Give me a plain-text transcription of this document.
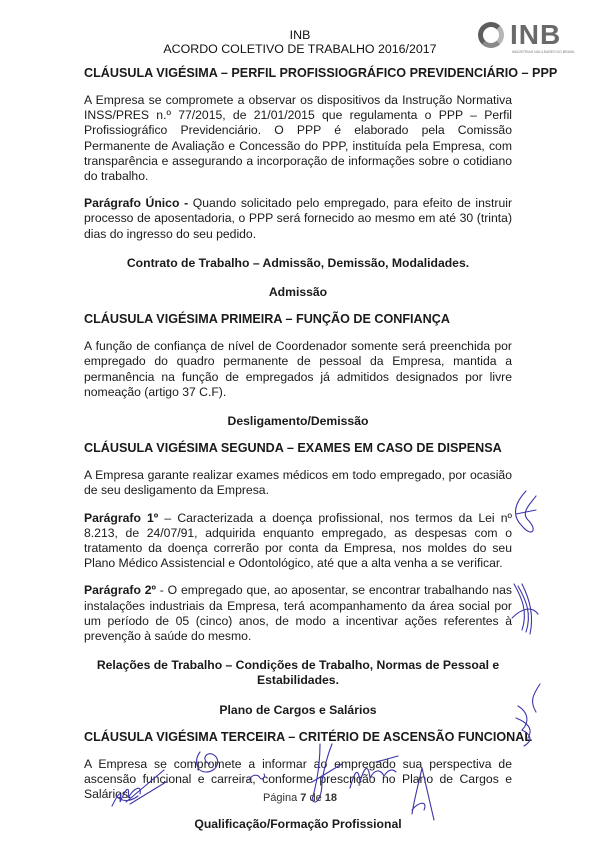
INB
ACORDO COLETIVO DE TRABALHO 2016/2017	INB
INDÚSTRIAS NUCLEARES DO BRASIL

CLÁUSULA VIGÉSIMA – PERFIL PROFISSIOGRÁFICO PREVIDENCIÁRIO – PPP

A Empresa se compromete a observar os dispositivos da Instrução Normativa INSS/PRES n.º 77/2015, de 21/01/2015 que regulamenta o PPP – Perfil Profissiográfico Previdenciário. O PPP é elaborado pela Comissão Permanente de Avaliação e Concessão do PPP, instituída pela Empresa, com transparência e assegurando a incorporação de informações sobre o cotidiano do trabalho.

Parágrafo Único - Quando solicitado pelo empregado, para efeito de instruir processo de aposentadoria, o PPP será fornecido ao mesmo em até 30 (trinta) dias do ingresso do seu pedido.

Contrato de Trabalho – Admissão, Demissão, Modalidades.

Admissão

CLÁUSULA VIGÉSIMA PRIMEIRA – FUNÇÃO DE CONFIANÇA

A função de confiança de nível de Coordenador somente será preenchida por empregado do quadro permanente de pessoal da Empresa, mantida a permanência na função de empregados já admitidos designados por livre nomeação (artigo 37 C.F).

Desligamento/Demissão

CLÁUSULA VIGÉSIMA SEGUNDA – EXAMES EM CASO DE DISPENSA

A Empresa garante realizar exames médicos em todo empregado, por ocasião de seu desligamento da Empresa.

Parágrafo 1º – Caracterizada a doença profissional, nos termos da Lei nº 8.213, de 24/07/91, adquirida enquanto empregado, as despesas com o tratamento da doença correrão por conta da Empresa, nos moldes do seu Plano Médico Assistencial e Odontológico, até que a alta venha a se verificar.

Parágrafo 2º - O empregado que, ao aposentar, se encontrar trabalhando nas instalações industriais da Empresa, terá acompanhamento da área social por um período de 05 (cinco) anos, de modo a incentivar ações referentes à prevenção à saúde do mesmo.

Relações de Trabalho – Condições de Trabalho, Normas de Pessoal e
Estabilidades.

Plano de Cargos e Salários

CLÁUSULA VIGÉSIMA TERCEIRA – CRITÉRIO DE ASCENSÃO FUNCIONAL

A Empresa se compromete a informar ao empregado sua perspectiva de ascensão funcional e carreira, conforme prescrição no Plano de Cargos e Salários.

Qualificação/Formação Profissional

Página 7 de 18
